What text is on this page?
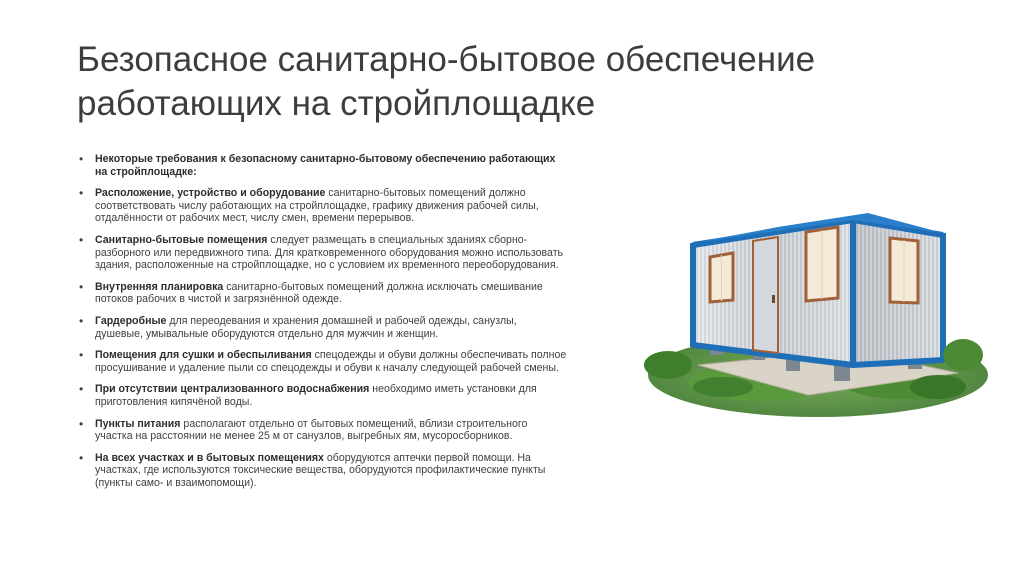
Безопасное санитарно-бытовое обеспечение работающих на стройплощадке
• Некоторые требования к безопасному санитарно-бытовому обеспечению работающих на стройплощадке:
• Расположение, устройство и оборудование санитарно-бытовых помещений должно соответствовать числу работающих на стройплощадке, графику движения рабочей силы, отдалённости от рабочих мест, числу смен, времени перерывов.
• Санитарно-бытовые помещения следует размещать в специальных зданиях сборно-разборного или передвижного типа. Для кратковременного оборудования можно использовать здания, расположенные на стройплощадке, но с условием их временного переоборудования.
• Внутренняя планировка санитарно-бытовых помещений должна исключать смешивание потоков рабочих в чистой и загрязнённой одежде.
• Гардеробные для переодевания и хранения домашней и рабочей одежды, санузлы, душевые, умывальные оборудуются отдельно для мужчин и женщин.
• Помещения для сушки и обеспыливания спецодежды и обуви должны обеспечивать полное просушивание и удаление пыли со спецодежды и обуви к началу следующей рабочей смены.
• При отсутствии централизованного водоснабжения необходимо иметь установки для приготовления кипячёной воды.
• Пункты питания располагают отдельно от бытовых помещений, вблизи строительного участка на расстоянии не менее 25 м от санузлов, выгребных ям, мусоросборников.
• На всех участках и в бытовых помещениях оборудуются аптечки первой помощи. На участках, где используются токсические вещества, оборудуются профилактические пункты (пункты само- и взаимопомощи).
